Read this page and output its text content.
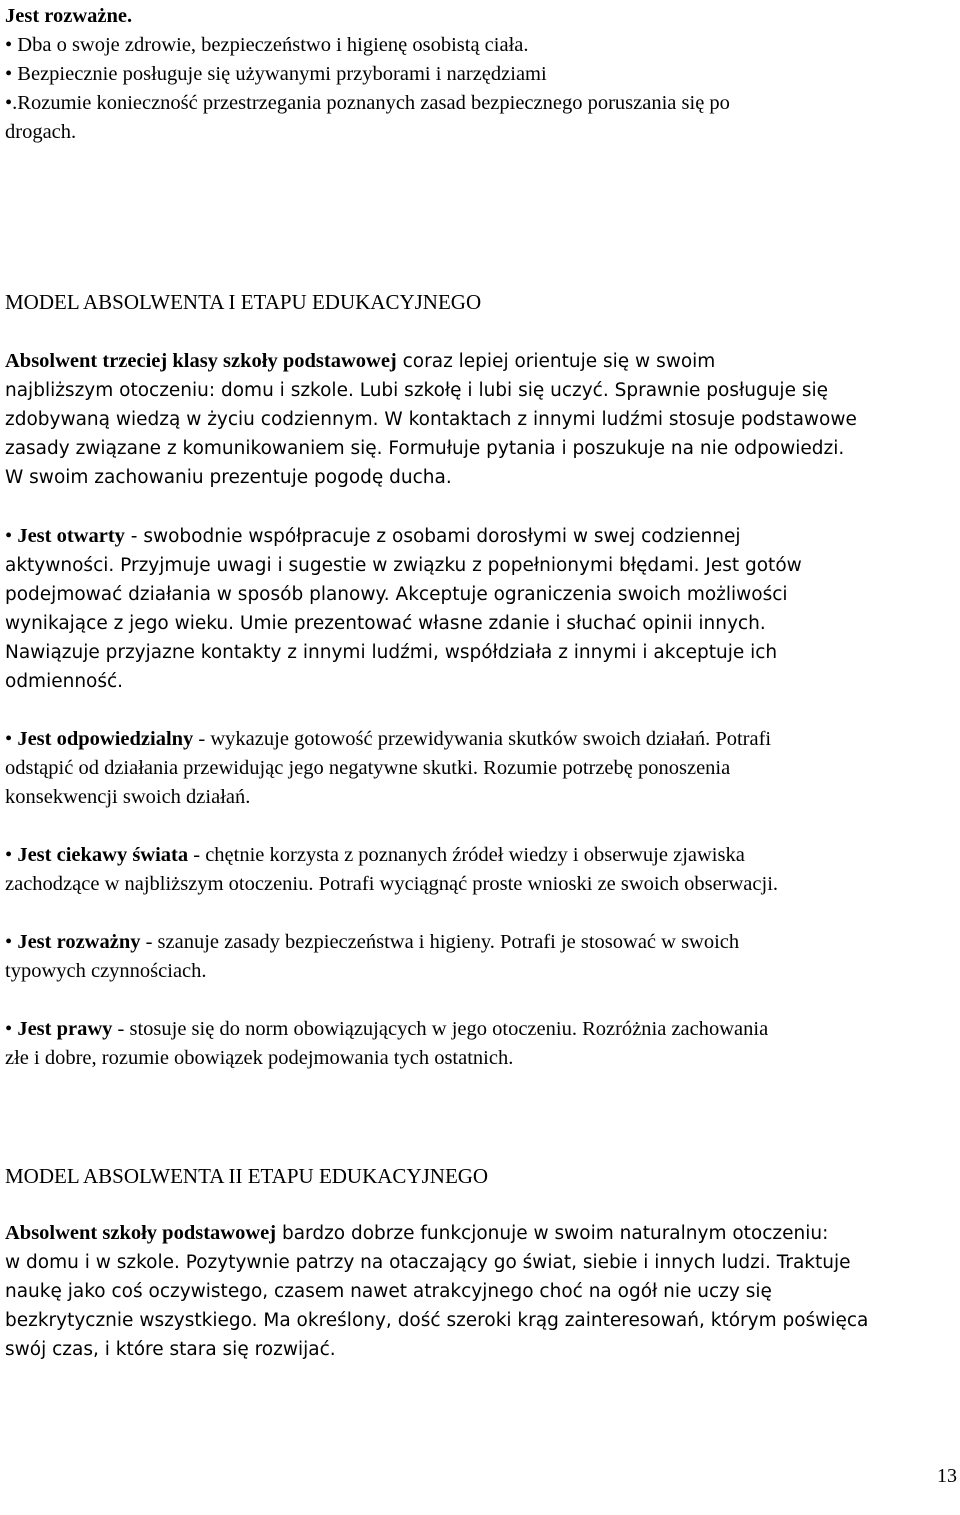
Jest rozważne.
• Dba o swoje zdrowie, bezpieczeństwo i higienę osobistą ciała.
• Bezpiecznie posługuje się używanymi przyborami i narzędziami
•.Rozumie konieczność przestrzegania poznanych zasad bezpiecznego poruszania się po
drogach.
MODEL ABSOLWENTA I ETAPU EDUKACYJNEGO
Absolwent trzeciej klasy szkoły podstawowej coraz lepiej orientuje się w swoim
najbliższym otoczeniu: domu i szkole. Lubi szkołę i lubi się uczyć. Sprawnie posługuje się
zdobywaną wiedzą w życiu codziennym. W kontaktach z innymi ludźmi stosuje podstawowe
zasady związane z komunikowaniem się. Formułuje pytania i poszukuje na nie odpowiedzi.
W swoim zachowaniu prezentuje pogodę ducha.
• Jest otwarty - swobodnie współpracuje z osobami dorosłymi w swej codziennej
aktywności. Przyjmuje uwagi i sugestie w związku z popełnionymi błędami. Jest gotów
podejmować działania w sposób planowy. Akceptuje ograniczenia swoich możliwości
wynikające z jego wieku. Umie prezentować własne zdanie i słuchać opinii innych.
Nawiązuje przyjazne kontakty z innymi ludźmi, współdziała z innymi i akceptuje ich
odmienność.
• Jest odpowiedzialny - wykazuje gotowość przewidywania skutków swoich działań. Potrafi
odstąpić od działania przewidując jego negatywne skutki. Rozumie potrzebę ponoszenia
konsekwencji swoich działań.
• Jest ciekawy świata - chętnie korzysta z poznanych źródeł wiedzy i obserwuje zjawiska
zachodzące w najbliższym otoczeniu. Potrafi wyciągnąć proste wnioski ze swoich obserwacji.
• Jest rozważny - szanuje zasady bezpieczeństwa i higieny. Potrafi je stosować w swoich
typowych czynnościach.
• Jest prawy - stosuje się do norm obowiązujących w jego otoczeniu. Rozróżnia zachowania
złe i dobre, rozumie obowiązek podejmowania tych ostatnich.
MODEL ABSOLWENTA II ETAPU EDUKACYJNEGO
Absolwent szkoły podstawowej bardzo dobrze funkcjonuje w swoim naturalnym otoczeniu:
w domu i w szkole. Pozytywnie patrzy na otaczający go świat, siebie i innych ludzi. Traktuje
naukę jako coś oczywistego, czasem nawet atrakcyjnego choć na ogół nie uczy się
bezkrytycznie wszystkiego. Ma określony, dość szeroki krąg zainteresowań, którym poświęca
swój czas, i które stara się rozwijać.
13
